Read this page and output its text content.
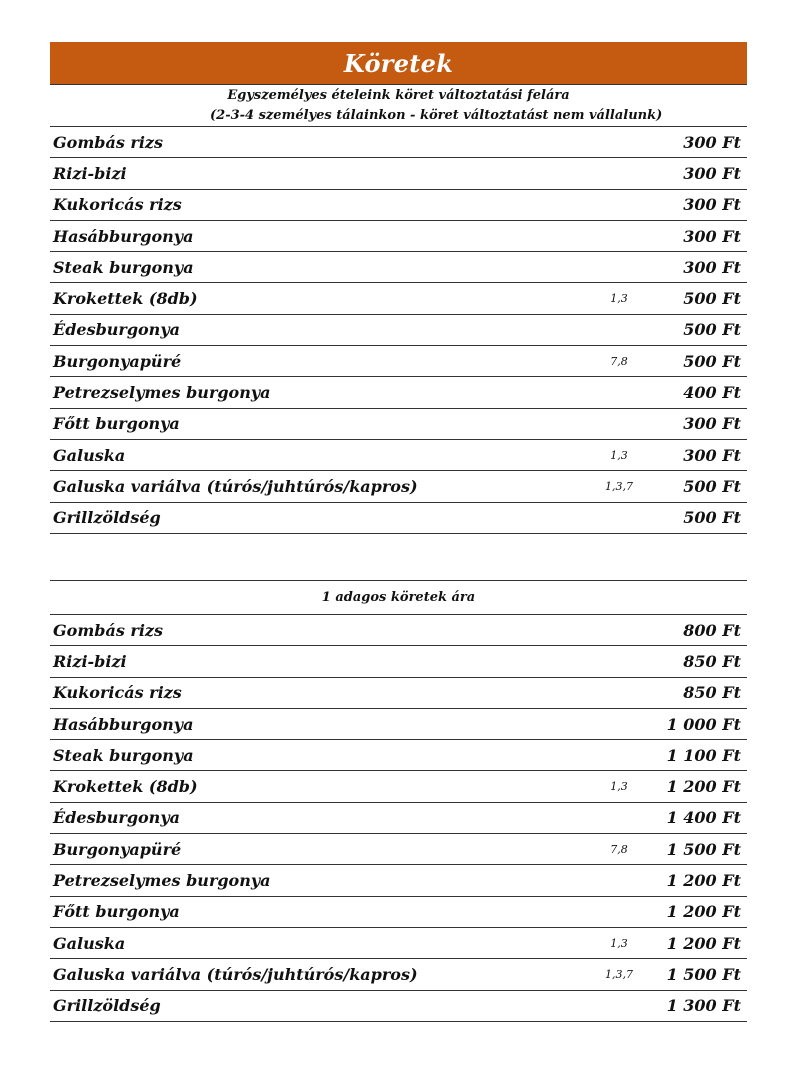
Köretek
Egyszemélyes ételeink köret változtatási felára
(2-3-4 személyes tálainkon - köret változtatást nem vállalunk)
Gombás rizs	300 Ft
Rizi-bizi	300 Ft
Kukoricás rizs	300 Ft
Hasábburgonya	300 Ft
Steak burgonya	300 Ft
Krokettek (8db)	1,3	500 Ft
Édesburgonya	500 Ft
Burgonyapüré	7,8	500 Ft
Petrezselymes burgonya	400 Ft
Főtt burgonya	300 Ft
Galuska	1,3	300 Ft
Galuska variálva (túrós/juhtúrós/kapros)	1,3,7	500 Ft
Grillzöldség	500 Ft
1 adagos köretek ára
Gombás rizs	800 Ft
Rizi-bizi	850 Ft
Kukoricás rizs	850 Ft
Hasábburgonya	1 000 Ft
Steak burgonya	1 100 Ft
Krokettek (8db)	1,3	1 200 Ft
Édesburgonya	1 400 Ft
Burgonyapüré	7,8	1 500 Ft
Petrezselymes burgonya	1 200 Ft
Főtt burgonya	1 200 Ft
Galuska	1,3	1 200 Ft
Galuska variálva (túrós/juhtúrós/kapros)	1,3,7	1 500 Ft
Grillzöldség	1 300 Ft
